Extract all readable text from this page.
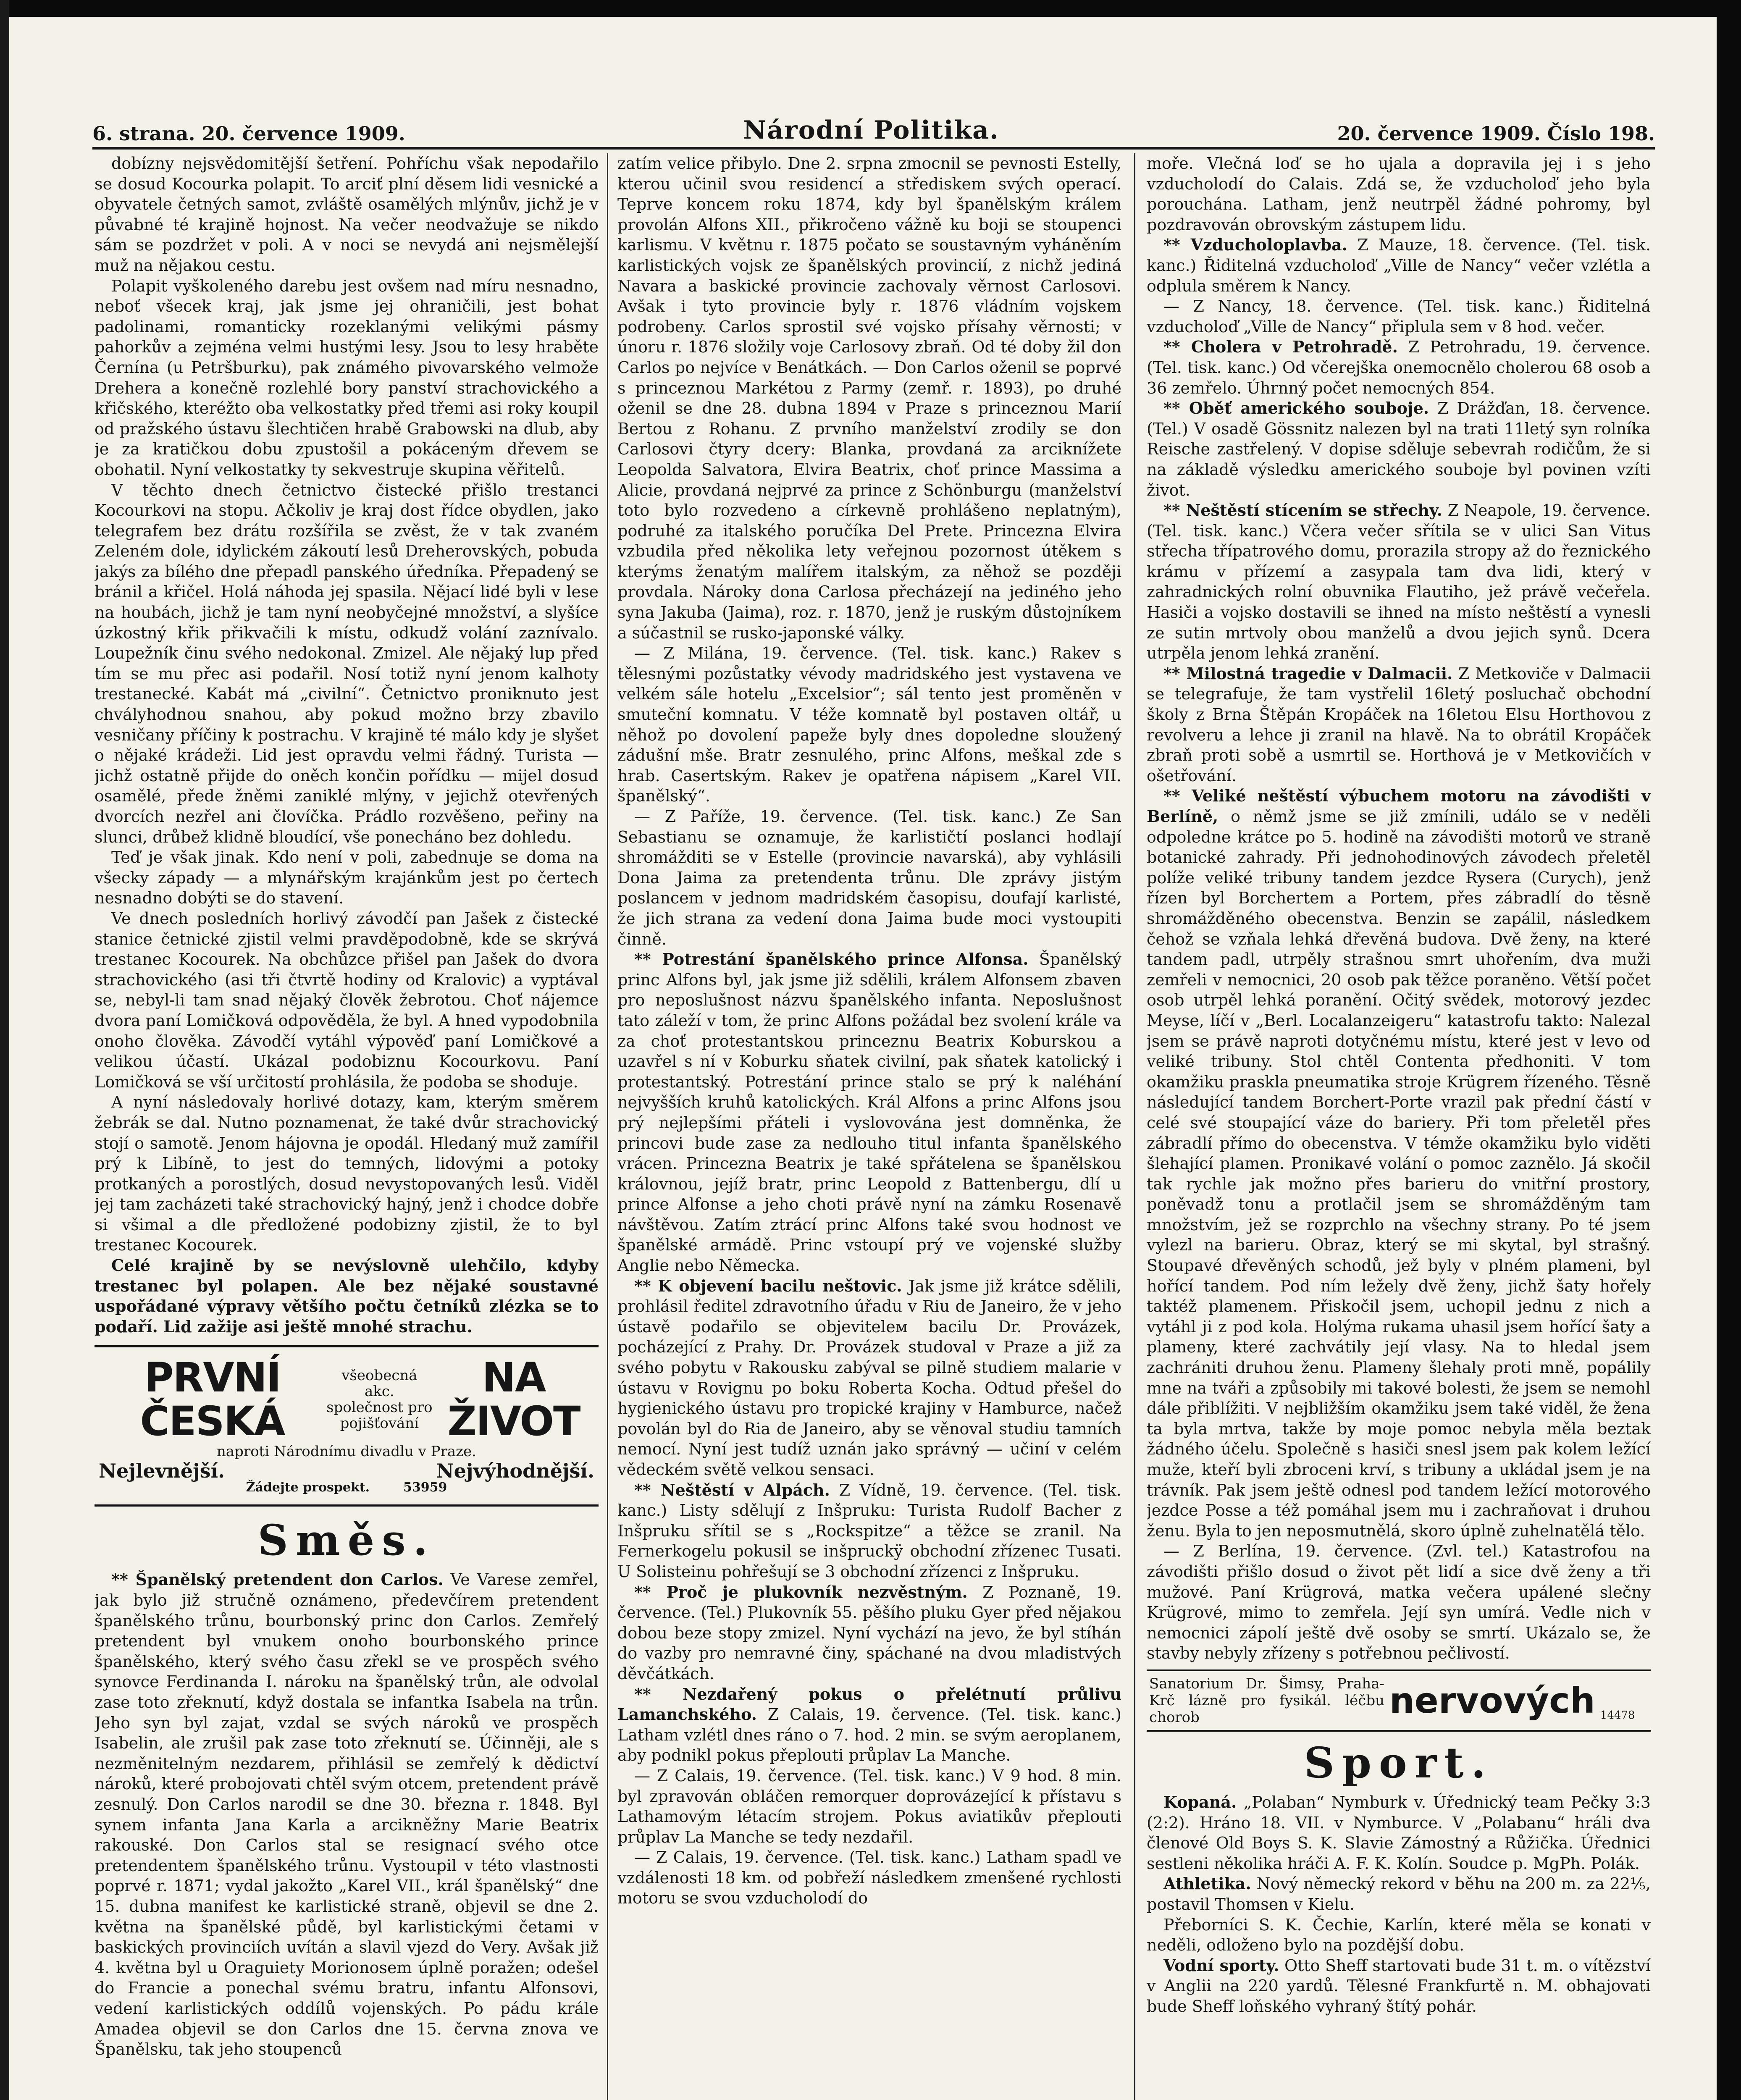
6. strana. 20. července 1909.	Národní Politika.	20. července 1909. Číslo 198.

dobízny nejsvědomitější šetření. Pohříchu však nepodařilo se dosud Kocourka polapit. To arciť plní děsem lidi vesnické a obyvatele četných samot, zvláště osamělých mlýnův, jichž je v půvabné té krajině hojnost. Na večer neodvažuje se nikdo sám se pozdržet v poli. A v noci se nevydá ani nejsmělejší muž na nějakou cestu.

Polapit vyškoleného darebu jest ovšem nad míru nesnadno, neboť všecek kraj, jak jsme jej ohraničili, jest bohat padolinami, romanticky rozeklanými velikými pásmy pahorkův a zejména velmi hustými lesy. Jsou to lesy hraběte Černína (u Petršburku), pak známého pivovarského velmože Drehera a konečně rozlehlé bory panství strachovického a křičského, kteréžto oba velkostatky před třemi asi roky koupil od pražského ústavu šlechtičen hrabě Grabowski na dlub, aby je za kratičkou dobu zpustošil a pokáceným dřevem se obohatil. Nyní velkostatky ty sekvestruje skupina věřitelů.

V těchto dnech četnictvo čistecké přišlo trestanci Kocourkovi na stopu. Ačkoliv je kraj dost řídce obydlen, jako telegrafem bez drátu rozšířila se zvěst, že v tak zvaném Zeleném dole, idylickém zákoutí lesů Dreherovských, pobuda jakýs za bílého dne přepadl panského úředníka. Přepadený se bránil a křičel. Holá náhoda jej spasila. Nějací lidé byli v lese na houbách, jichž je tam nyní neobyčejné množství, a slyšíce úzkostný křik přikvačili k místu, odkudž volání zaznívalo. Loupežník činu svého nedokonal. Zmizel. Ale nějaký lup před tím se mu přec asi podařil. Nosí totiž nyní jenom kalhoty trestanecké. Kabát má „civilní“. Četnictvo proniknuto jest chvályhodnou snahou, aby pokud možno brzy zbavilo vesničany příčiny k postrachu. V krajině té málo kdy je slyšet o nějaké krádeži. Lid jest opravdu velmi řádný. Turista — jichž ostatně přijde do oněch končin pořídku — mijel dosud osamělé, přede žněmi zaniklé mlýny, v jejichž otevřených dvorcích nezřel ani človíčka. Prádlo rozvěšeno, peřiny na slunci, drůbež klidně bloudící, vše ponecháno bez dohledu.

Teď je však jinak. Kdo není v poli, zabednuje se doma na všecky západy — a mlynářským krajánkům jest po čertech nesnadno dobýti se do stavení.

Ve dnech posledních horlivý závodčí pan Jašek z čistecké stanice četnické zjistil velmi pravděpodobně, kde se skrývá trestanec Kocourek. Na obchůzce přišel pan Jašek do dvora strachovického (asi tři čtvrtě hodiny od Kralovic) a vyptával se, nebyl-li tam snad nějaký člověk žebrotou. Choť nájemce dvora paní Lomičková odpověděla, že byl. A hned vypodobnila onoho člověka. Závodčí vytáhl výpověď paní Lomičkové a velikou účastí. Ukázal podobiznu Kocourkovu. Paní Lomičková se vší určitostí prohlásila, že podoba se shoduje.

A nyní následovaly horlivé dotazy, kam, kterým směrem žebrák se dal. Nutno poznamenat, že také dvůr strachovický stojí o samotě. Jenom hájovna je opodál. Hledaný muž zamířil prý k Libíně, to jest do temných, lidovými a potoky protkaných a porostlých, dosud nevystopovaných lesů. Viděl jej tam zacházeti také strachovický hajný, jenž i chodce dobře si všimal a dle předložené podobizny zjistil, že to byl trestanec Kocourek.

Celé krajině by se nevýslovně ulehčilo, kdyby trestanec byl polapen. Ale bez nějaké soustavné uspořádané výpravy většího počtu četníků zlézka se to podaří. Lid zažije asi ještě mnohé strachu.

PRVNÍ ČESKÁ
všeobecná akc. společnost pro pojišťování
NA ŽIVOT
naproti Národnímu divadlu v Praze.
Nejlevnější.	Nejvýhodnější.
Žádejte prospekt.	53959
Směs.

** Španělský pretendent don Carlos. Ve Varese zemřel, jak bylo již stručně oznámeno, předevčírem pretendent španělského trůnu, bourbonský princ don Carlos. Zemřelý pretendent byl vnukem onoho bourbonského prince španělského, který svého času zřekl se ve prospěch svého synovce Ferdinanda I. nároku na španělský trůn, ale odvolal zase toto zřeknutí, když dostala se infantka Isabela na trůn. Jeho syn byl zajat, vzdal se svých nároků ve prospěch Isabelin, ale zrušil pak zase toto zřeknutí se. Účinněji, ale s nezměnitelným nezdarem, přihlásil se zemřelý k dědictví nároků, které probojovati chtěl svým otcem, pretendent právě zesnulý. Don Carlos narodil se dne 30. března r. 1848. Byl synem infanta Jana Karla a arcikněžny Marie Beatrix rakouské. Don Carlos stal se resignací svého otce pretendentem španělského trůnu. Vystoupil v této vlastnosti poprvé r. 1871; vydal jakožto „Karel VII., král španělský“ dne 15. dubna manifest ke karlistické straně, objevil se dne 2. května na španělské půdě, byl karlistickými četami v baskických provinciích uvítán a slavil vjezd do Very. Avšak již 4. května byl u Oraguiety Morionosem úplně poražen; odešel do Francie a ponechal svému bratru, infantu Alfonsovi, vedení karlistických oddílů vojenských. Po pádu krále Amadea objevil se don Carlos dne 15. června znova ve Španělsku, tak jeho stoupenců

zatím velice přibylo. Dne 2. srpna zmocnil se pevnosti Estelly, kterou učinil svou residencí a střediskem svých operací. Teprve koncem roku 1874, kdy byl španělským králem provolán Alfons XII., přikročeno vážně ku boji se stoupenci karlismu. V květnu r. 1875 počato se soustavným vyháněním karlistických vojsk ze španělských provincií, z nichž jediná Navara a baskické provincie zachovaly věrnost Carlosovi. Avšak i tyto provincie byly r. 1876 vládním vojskem podrobeny. Carlos sprostil své vojsko přísahy věrnosti; v únoru r. 1876 složily voje Carlosovy zbraň. Od té doby žil don Carlos po nejvíce v Benátkách. — Don Carlos oženil se poprvé s princeznou Markétou z Parmy (zemř. r. 1893), po druhé oženil se dne 28. dubna 1894 v Praze s princeznou Marií Bertou z Rohanu. Z prvního manželství zrodily se don Carlosovi čtyry dcery: Blanka, provdaná za arciknížete Leopolda Salvatora, Elvira Beatrix, choť prince Massima a Alicie, provdaná nejprvé za prince z Schönburgu (manželství toto bylo rozvedeno a církevně prohlášeno neplatným), podruhé za italského poručíka Del Prete. Princezna Elvira vzbudila před několika lety veřejnou pozornost útěkem s kterýms ženatým malířem italským, za něhož se později provdala. Nároky dona Carlosa přecházejí na jediného jeho syna Jakuba (Jaima), roz. r. 1870, jenž je ruským důstojníkem a súčastnil se rusko-japonské války.

— Z Milána, 19. července. (Tel. tisk. kanc.) Rakev s tělesnými pozůstatky vévody madridského jest vystavena ve velkém sále hotelu „Excelsior“; sál tento jest proměněn v smuteční komnatu. V téže komnatě byl postaven oltář, u něhož po dovolení papeže byly dnes dopoledne sloužený zádušní mše. Bratr zesnulého, princ Alfons, meškal zde s hrab. Casertským. Rakev je opatřena nápisem „Karel VII. španělský“.

— Z Paříže, 19. července. (Tel. tisk. kanc.) Ze San Sebastianu se oznamuje, že karlističtí poslanci hodlají shromážditi se v Estelle (provincie navarská), aby vyhlásili Dona Jaima za pretendenta trůnu. Dle zprávy jistým poslancem v jednom madridském časopisu, doufají karlisté, že jich strana za vedení dona Jaima bude moci vystoupiti činně.

** Potrestání španělského prince Alfonsa. Španělský princ Alfons byl, jak jsme již sdělili, králem Alfonsem zbaven pro neposlušnost názvu španělského infanta. Neposlušnost tato záleží v tom, že princ Alfons požádal bez svolení krále va za choť protestantskou princeznu Beatrix Koburskou a uzavřel s ní v Koburku sňatek civilní, pak sňatek katolický i protestantský. Potrestání prince stalo se prý k naléhání nejvyšších kruhů katolických. Král Alfons a princ Alfons jsou prý nejlepšími přáteli i vyslovována jest domněnka, že princovi bude zase za nedlouho titul infanta španělského vrácen. Princezna Beatrix je také spřátelena se španělskou královnou, jejíž bratr, princ Leopold z Battenbergu, dlí u prince Alfonse a jeho choti právě nyní na zámku Rosenavě návštěvou. Zatím ztrácí princ Alfons také svou hodnost ve španělské armádě. Princ vstoupí prý ve vojenské služby Anglie nebo Německa.

** K objevení bacilu neštovic. Jak jsme již krátce sdělili, prohlásil ředitel zdravotního úřadu v Riu de Janeiro, že v jeho ústavě podařilo se objeviteleм bacilu Dr. Provázek, pocházející z Prahy. Dr. Provázek studoval v Praze a již za svého pobytu v Rakousku zabýval se pilně studiem malarie v ústavu v Rovignu po boku Roberta Kocha. Odtud přešel do hygienického ústavu pro tropické krajiny v Hamburce, načež povolán byl do Ria de Janeiro, aby se věnoval studiu tamních nemocí. Nyní jest tudíž uznán jako správný — učiní v celém vědeckém světě velkou sensaci.

** Neštěstí v Alpách. Z Vídně, 19. července. (Tel. tisk. kanc.) Listy sdělují z Inšpruku: Turista Rudolf Bacher z Inšpruku sřítil se s „Rockspitze“ a těžce se zranil. Na Fernerkogelu pokusil se inšpruckÿ obchodní zřízenec Tusati. U Solisteinu pohřešují se 3 obchodní zřízenci z Inšpruku.

** Proč je plukovník nezvěstným. Z Poznaně, 19. července. (Tel.) Plukovník 55. pěšího pluku Gyer před nějakou dobou beze stopy zmizel. Nyní vychází na jevo, že byl stíhán do vazby pro nemravné činy, spáchané na dvou mladistvých děvčátkách.

** Nezdařený pokus o přelétnutí průlivu Lamanchského. Z Calais, 19. července. (Tel. tisk. kanc.) Latham vzlétl dnes ráno o 7. hod. 2 min. se svým aeroplanem, aby podnikl pokus přeplouti průplav La Manche.

— Z Calais, 19. července. (Tel. tisk. kanc.) V 9 hod. 8 min. byl zpravován obláčen remorquer doprovázející k přístavu s Lathamovým létacím strojem. Pokus aviatikův přeplouti průplav La Manche se tedy nezdařil.

— Z Calais, 19. července. (Tel. tisk. kanc.) Latham spadl ve vzdálenosti 18 km. od pobřeží následkem zmenšené rychlosti motoru se svou vzducholodí do

moře. Vlečná loď se ho ujala a dopravila jej i s jeho vzducholodí do Calais. Zdá se, že vzducholoď jeho byla porouchána. Latham, jenž neutrpěl žádné pohromy, byl pozdravován obrovským zástupem lidu.

** Vzducholoplavba. Z Mauze, 18. července. (Tel. tisk. kanc.) Řiditelná vzducholoď „Ville de Nancy“ večer vzlétla a odplula směrem k Nancy.

— Z Nancy, 18. července. (Tel. tisk. kanc.) Řiditelná vzducholoď „Ville de Nancy“ připlula sem v 8 hod. večer.

** Cholera v Petrohradě. Z Petrohradu, 19. července. (Tel. tisk. kanc.) Od včerejška onemocnělo cholerou 68 osob a 36 zemřelo. Úhrnný počet nemocných 854.

** Oběť amerického souboje. Z Drážďan, 18. července. (Tel.) V osadě Gössnitz nalezen byl na trati 11letý syn rolníka Reische zastřelený. V dopise sděluje sebevrah rodičům, že si na základě výsledku amerického souboje byl povinen vzíti život.

** Neštěstí stícením se střechy. Z Neapole, 19. července. (Tel. tisk. kanc.) Včera večer sřítila se v ulici San Vitus střecha třípatrového domu, prorazila stropy až do řeznického krámu v přízemí a zasypala tam dva lidi, který v zahradnických rolní obuvnika Flautiho, jež právě večeřela. Hasiči a vojsko dostavili se ihned na místo neštěstí a vynesli ze sutin mrtvoly obou manželů a dvou jejich synů. Dcera utrpěla jenom lehká zranění.

** Milostná tragedie v Dalmacii. Z Metkoviče v Dalmacii se telegrafuje, že tam vystřelil 16letý posluchač obchodní školy z Brna Štěpán Kropáček na 16letou Elsu Horthovou z revolveru a lehce ji zranil na hlavě. Na to obrátil Kropáček zbraň proti sobě a usmrtil se. Horthová je v Metkovičích v ošetřování.

** Veliké neštěstí výbuchem motoru na závodišti v Berlíně, o němž jsme se již zmínili, událo se v neděli odpoledne krátce po 5. hodině na závodišti motorů ve straně botanické zahrady. Při jednohodinových závodech přeletěl políže veliké tribuny tandem jezdce Rysera (Curych), jenž řízen byl Borchertem a Portem, přes zábradlí do těsně shromážděného obecenstva. Benzin se zapálil, následkem čehož se vzňala lehká dřevěná budova. Dvě ženy, na které tandem padl, utrpěly strašnou smrt uhořením, dva muži zemřeli v nemocnici, 20 osob pak těžce poraněno. Větší počet osob utrpěl lehká poranění. Očitý svědek, motorový jezdec Meyse, líčí v „Berl. Localanzeigeru“ katastrofu takto: Nalezal jsem se právě naproti dotyčnému místu, které jest v levo od veliké tribuny. Stol chtěl Contenta předhoniti. V tom okamžiku praskla pneumatika stroje Krügrem řízeného. Těsně následující tandem Borchert-Porte vrazil pak přední částí v celé své stoupající váze do bariery. Při tom přeletěl přes zábradlí přímo do obecenstva. V témže okamžiku bylo viděti šlehající plamen. Pronikavé volání o pomoc zaznělo. Já skočil tak rychle jak možno přes barieru do vnitřní prostory, poněvadž tonu a protlačil jsem se shromážděným tam množstvím, jež se rozprchlo na všechny strany. Po té jsem vylezl na barieru. Obraz, který se mi skytal, byl strašný. Stoupavé dřevěných schodů, jež byly v plném plameni, byl hořící tandem. Pod ním ležely dvě ženy, jichž šaty hořely taktéž plamenem. Přiskočil jsem, uchopil jednu z nich a vytáhl ji z pod kola. Holýma rukama uhasil jsem hořící šaty a plameny, které zachvátily její vlasy. Na to hledal jsem zachrániti druhou ženu. Plameny šlehaly proti mně, popálily mne na tváři a způsobily mi takové bolesti, že jsem se nemohl dále přiblížiti. V nejbližším okamžiku jsem také viděl, že žena ta byla mrtva, takže by moje pomoc nebyla měla beztak žádného účelu. Společně s hasiči snesl jsem pak kolem ležící muže, kteří byli zbroceni krví, s tribuny a ukládal jsem je na trávník. Pak jsem ještě odnesl pod tandem ležící motorového jezdce Posse a též pomáhal jsem mu i zachraňovat i druhou ženu. Byla to jen neposmutnělá, skoro úplně zuhelnatělá tělo.

— Z Berlína, 19. července. (Zvl. tel.) Katastrofou na závodišti přišlo dosud o život pět lidí a sice dvě ženy a tři mužové. Paní Krügrová, matka večera upálené slečny Krügrové, mimo to zemřela. Její syn umírá. Vedle nich v nemocnici zápolí ještě dvě osoby se smrtí. Ukázalo se, že stavby nebyly zřízeny s potřebnou pečlivostí.

Sanatorium Dr. Šimsy, Praha-Krč lázně pro fysikál. léčbu chorob	nervových 14478
Sport.

Kopaná. „Polaban“ Nymburk v. Úřednický team Pečky 3:3 (2:2). Hráno 18. VII. v Nymburce. V „Polabanu“ hráli dva členové Old Boys S. K. Slavie Zámostný a Růžička. Úřednici sestleni několika hráči A. F. K. Kolín. Soudce p. MgPh. Polák.

Athletika. Nový německý rekord v běhu na 200 m. za 22⅕, postavil Thomsen v Kielu.

Přeborníci S. K. Čechie, Karlín, které měla se konati v neděli, odloženo bylo na pozdější dobu.

Vodní sporty. Otto Sheff startovati bude 31 t. m. o vítězství v Anglii na 220 yardů. Tělesné Frankfurtě n. M. obhajovati bude Sheff loňského vyhraný štítý pohár.
